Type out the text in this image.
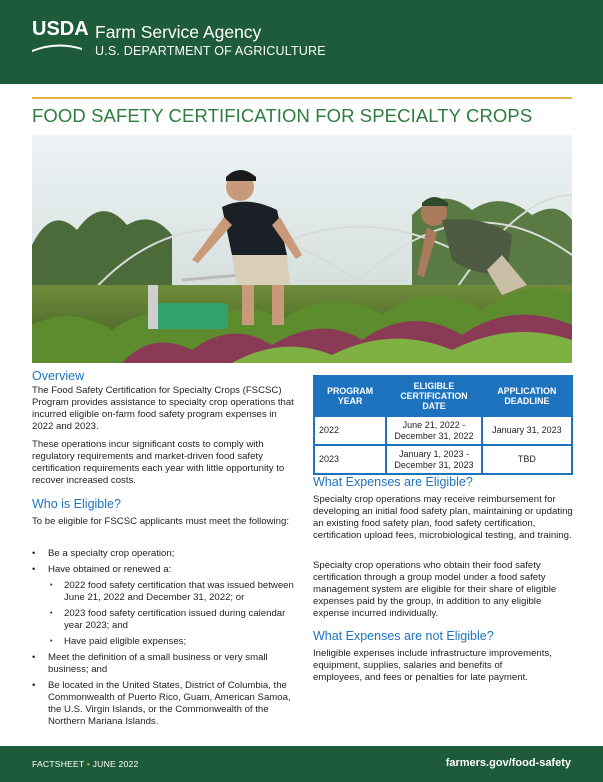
USDA Farm Service Agency
U.S. DEPARTMENT OF AGRICULTURE
FOOD SAFETY CERTIFICATION FOR SPECIALTY CROPS
Overview

The Food Safety Certification for Specialty Crops (FSCSC) Program provides assistance to specialty crop operations that incurred eligible on-farm food safety program expenses in 2022 and 2023.

These operations incur significant costs to comply with regulatory requirements and market-driven food safety certification requirements each year with little opportunity to recover increased costs.

Who is Eligible?

To be eligible for FSCSC applicants must meet the following:

• Be a specialty crop operation;
• Have obtained or renewed a:
• 2022 food safety certification that was issued between June 21, 2022 and December 31, 2022; or
• 2023 food safety certification issued during calendar year 2023; and
• Have paid eligible expenses;
• Meet the definition of a small business or very small business; and
• Be located in the United States, District of Columbia, the Commonwealth of Puerto Rico, Guam, American Samoa, the U.S. Virgin Islands, or the Commonwealth of the Northern Mariana Islands.
PROGRAM YEAR	ELIGIBLE CERTIFICATION DATE	APPLICATION DEADLINE
2022	June 21, 2022 - December 31, 2022	January 31, 2023
2023	January 1, 2023 - December 31, 2023	TBD
What Expenses are Eligible?

Specialty crop operations may receive reimbursement for developing an initial food safety plan, maintaining or updating an existing food safety plan, food safety certification, certification upload fees, microbiological testing, and training.

Specialty crop operations who obtain their food safety certification through a group model under a food safety management system are eligible for their share of eligible expenses paid by the group, in addition to any eligible expense incurred individually.

What Expenses are not Eligible?

Ineligible expenses include infrastructure improvements, equipment, supplies, salaries and benefits of employees, and fees or penalties for late payment.

FACTSHEET • JUNE 2022	farmers.gov/food-safety
